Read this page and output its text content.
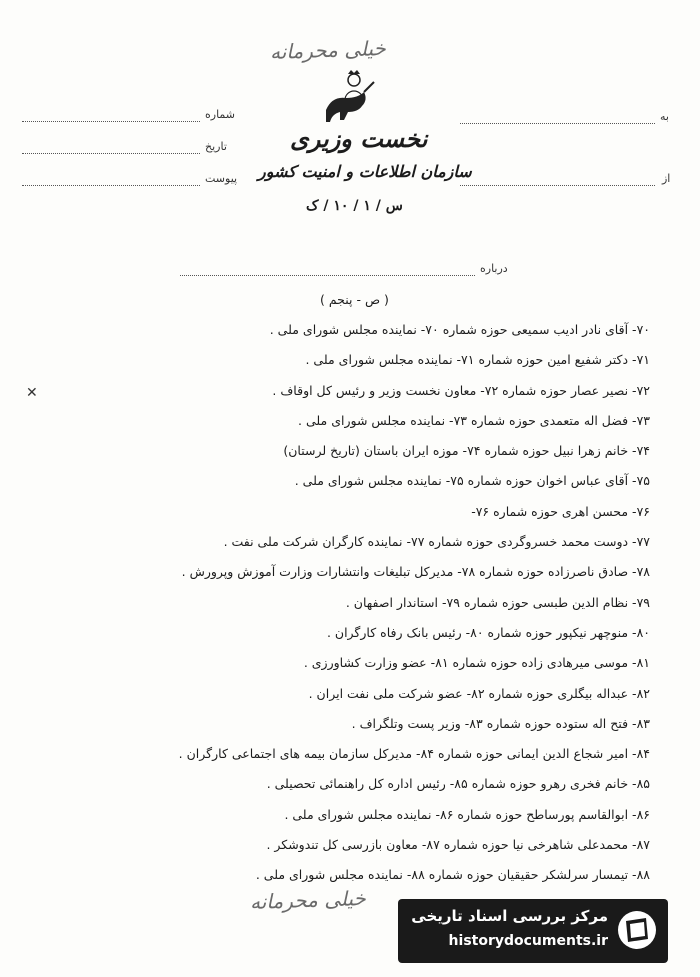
خیلی محرمانه
نخست وزیری
سازمان اطلاعات و امنیت کشور
س / ۱ / ۱۰ / ک
شماره
تاریخ
پیوست
به
از
درباره
( ص - پنجم )
۷۰- آقای نادر ادیب سمیعی حوزه شماره ۷۰- نماینده مجلس شورای ملی .
۷۱- دکتر شفیع امین حوزه شماره ۷۱- نماینده مجلس شورای ملی .
✕	۷۲- نصیر عصار حوزه شماره ۷۲- معاون نخست وزیر و رئیس کل اوقاف .
۷۳- فضل اله متعمدی حوزه شماره ۷۳- نماینده مجلس شورای ملی .
۷۴- خانم زهرا نبیل حوزه شماره ۷۴- موزه ایران باستان (تاریخ لرستان)
۷۵- آقای عباس اخوان حوزه شماره ۷۵- نماینده مجلس شورای ملی .
۷۶- محسن اهری حوزه شماره ۷۶-
۷۷- دوست محمد خسروگردی حوزه شماره ۷۷- نماینده کارگران شرکت ملی نفت .
۷۸- صادق ناصرزاده حوزه شماره ۷۸- مدیرکل تبلیغات وانتشارات وزارت آموزش وپرورش .
۷۹- نظام الدین طبسی حوزه شماره ۷۹- استاندار اصفهان .
۸۰- منوچهر نیکپور حوزه شماره ۸۰- رئیس بانک رفاه کارگران .
۸۱- موسی میرهادی زاده حوزه شماره ۸۱- عضو وزارت کشاورزی .
۸۲- عبداله بیگلری حوزه شماره ۸۲- عضو شرکت ملی نفت ایران .
۸۳- فتح اله ستوده حوزه شماره ۸۳- وزیر پست وتلگراف .
۸۴- امیر شجاع الدین ایمانی حوزه شماره ۸۴- مدیرکل سازمان بیمه های اجتماعی کارگران .
۸۵- خانم فخری رهرو حوزه شماره ۸۵- رئیس اداره کل راهنمائی تحصیلی .
۸۶- ابوالقاسم پورساطح حوزه شماره ۸۶- نماینده مجلس شورای ملی .
۸۷- محمدعلی شاهرخی نیا حوزه شماره ۸۷- معاون بازرسی کل تندوشکر .
۸۸- تیمسار سرلشکر حقیقیان حوزه شماره ۸۸- نماینده مجلس شورای ملی .
خیلی محرمانه
مرکز بررسی اسناد تاریخی
historydocuments.ir
